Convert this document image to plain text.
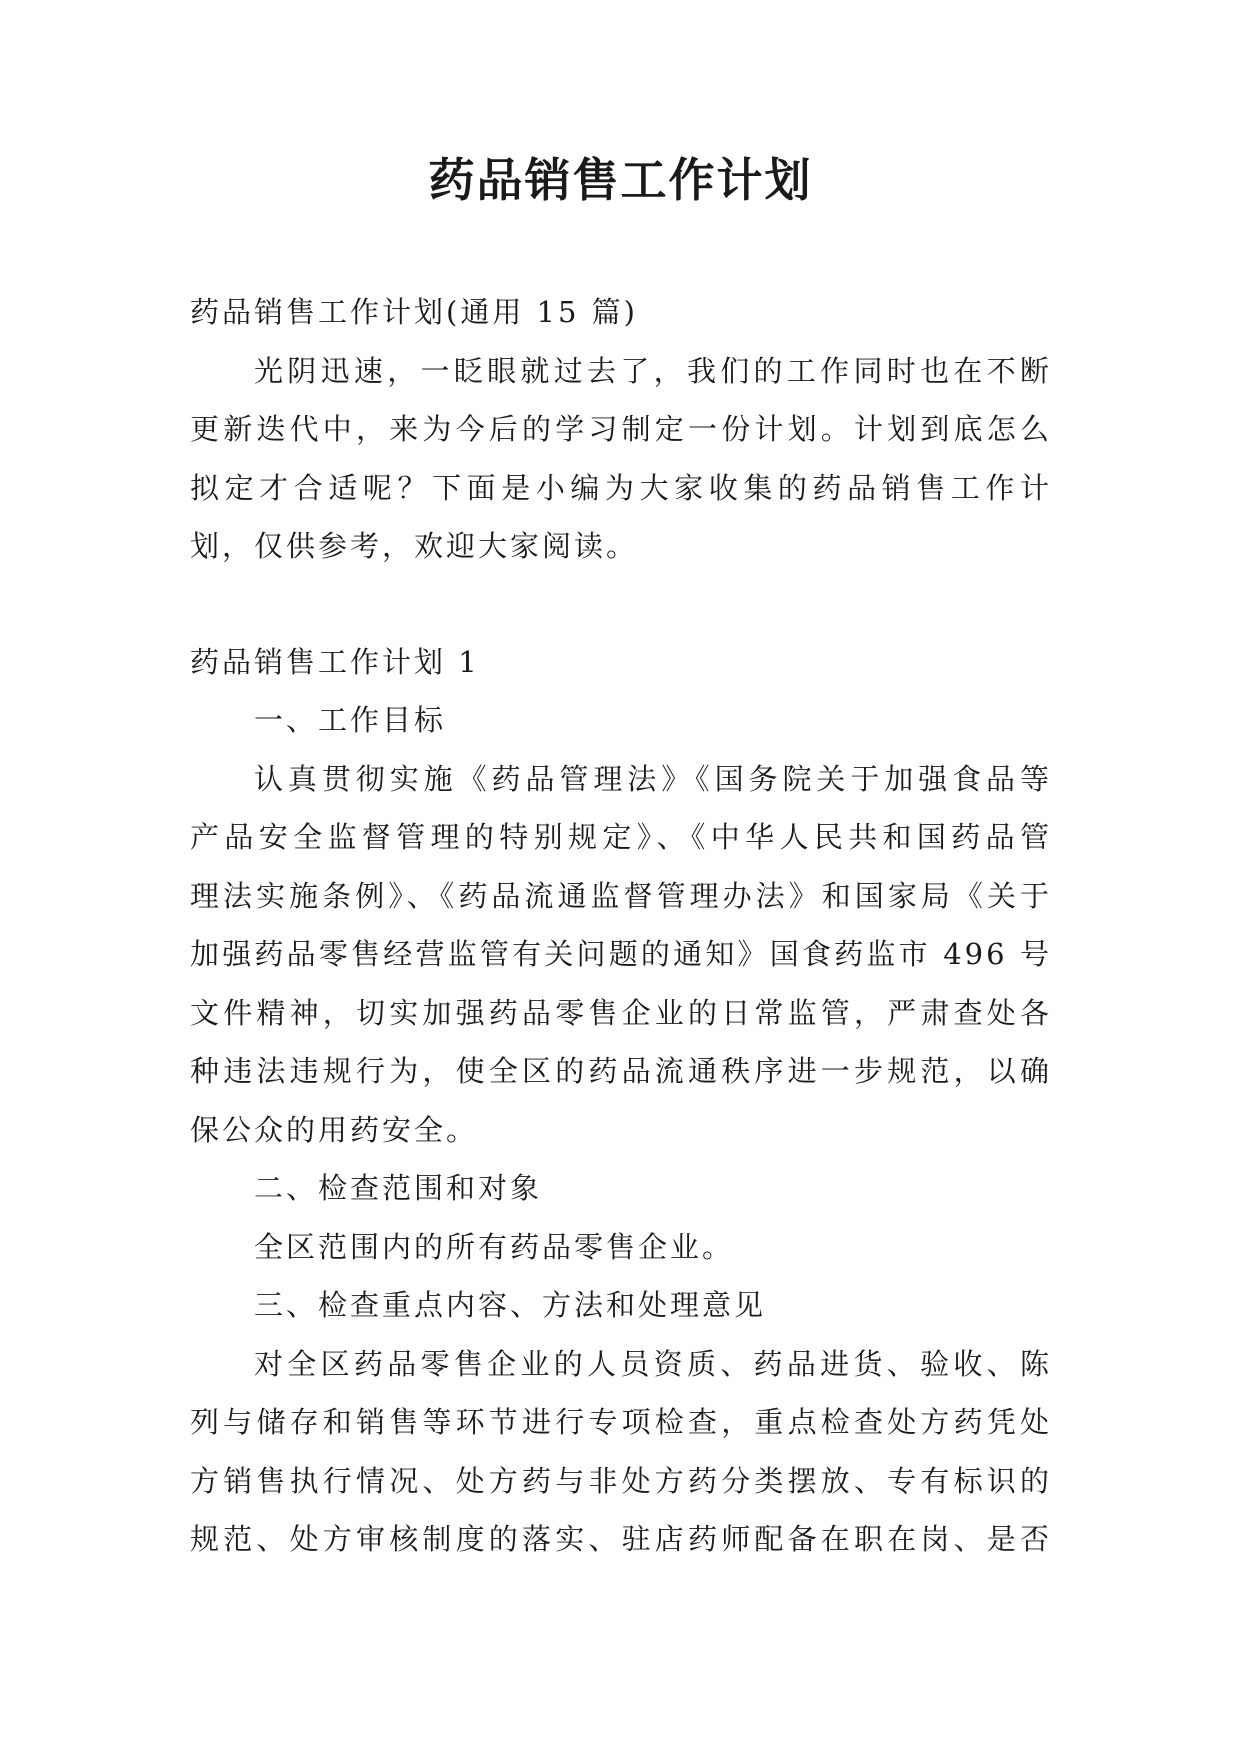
药品销售工作计划

药品销售工作计划(通用 15 篇)

光阴迅速，一眨眼就过去了，我们的工作同时也在不断

更新迭代中，来为今后的学习制定一份计划。计划到底怎么

拟定才合适呢？下面是小编为大家收集的药品销售工作计

划，仅供参考，欢迎大家阅读。

药品销售工作计划 1

一、工作目标

认真贯彻实施《药品管理法》《国务院关于加强食品等

产品安全监督管理的特别规定》、《中华人民共和国药品管

理法实施条例》、《药品流通监督管理办法》和国家局《关于

加强药品零售经营监管有关问题的通知》国食药监市 496 号

文件精神，切实加强药品零售企业的日常监管，严肃查处各

种违法违规行为，使全区的药品流通秩序进一步规范，以确

保公众的用药安全。

二、检查范围和对象

全区范围内的所有药品零售企业。

三、检查重点内容、方法和处理意见

对全区药品零售企业的人员资质、药品进货、验收、陈

列与储存和销售等环节进行专项检查，重点检查处方药凭处

方销售执行情况、处方药与非处方药分类摆放、专有标识的

规范、处方审核制度的落实、驻店药师配备在职在岗、是否
